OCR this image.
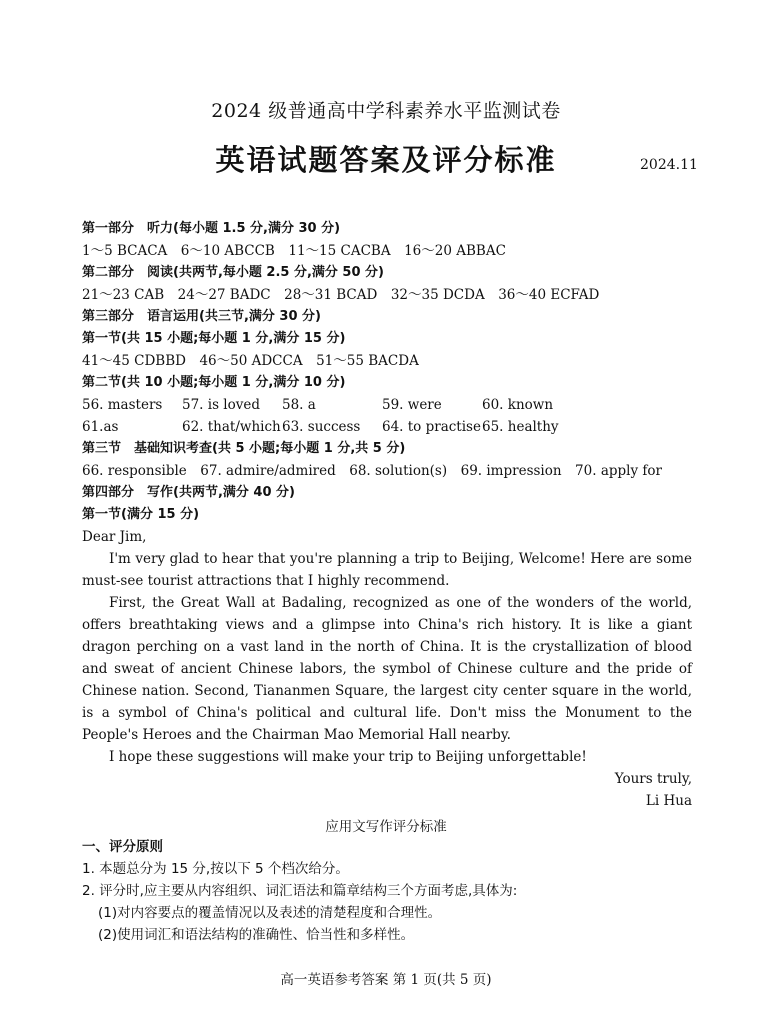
2024 级普通高中学科素养水平监测试卷
英语试题答案及评分标准	2024.11
第一部分　听力(每小题 1.5 分,满分 30 分)
1～5 BCACA　6～10 ABCCB　11～15 CACBA　16～20 ABBAC
第二部分　阅读(共两节,每小题 2.5 分,满分 50 分)
21～23 CAB　24～27 BADC　28～31 BCAD　32～35 DCDA　36～40 ECFAD
第三部分　语言运用(共三节,满分 30 分)
第一节(共 15 小题;每小题 1 分,满分 15 分)
41～45 CDBBD　46～50 ADCCA　51～55 BACDA
第二节(共 10 小题;每小题 1 分,满分 10 分)
56. masters	57. is loved	58. a	59. were	60. known
61.as	62. that/which 63. success	64. to practise 65. healthy
第三节　基础知识考查(共 5 小题;每小题 1 分,共 5 分)
66. responsible　67. admire/admired　68. solution(s)　69. impression　70. apply for
第四部分　写作(共两节,满分 40 分)
第一节(满分 15 分)
Dear Jim,
I'm very glad to hear that you're planning a trip to Beijing, Welcome! Here are some must-see tourist attractions that I highly recommend.
First, the Great Wall at Badaling, recognized as one of the wonders of the world, offers breathtaking views and a glimpse into China's rich history. It is like a giant dragon perching on a vast land in the north of China. It is the crystallization of blood and sweat of ancient Chinese labors, the symbol of Chinese culture and the pride of Chinese nation. Second, Tiananmen Square, the largest city center square in the world, is a symbol of China's political and cultural life. Don't miss the Monument to the People's Heroes and the Chairman Mao Memorial Hall nearby.
I hope these suggestions will make your trip to Beijing unforgettable!
Yours truly,
Li Hua
应用文写作评分标准
一、评分原则
1. 本题总分为 15 分,按以下 5 个档次给分。
2. 评分时,应主要从内容组织、词汇语法和篇章结构三个方面考虑,具体为:
(1)对内容要点的覆盖情况以及表述的清楚程度和合理性。
(2)使用词汇和语法结构的准确性、恰当性和多样性。
高一英语参考答案 第 1 页(共 5 页)
